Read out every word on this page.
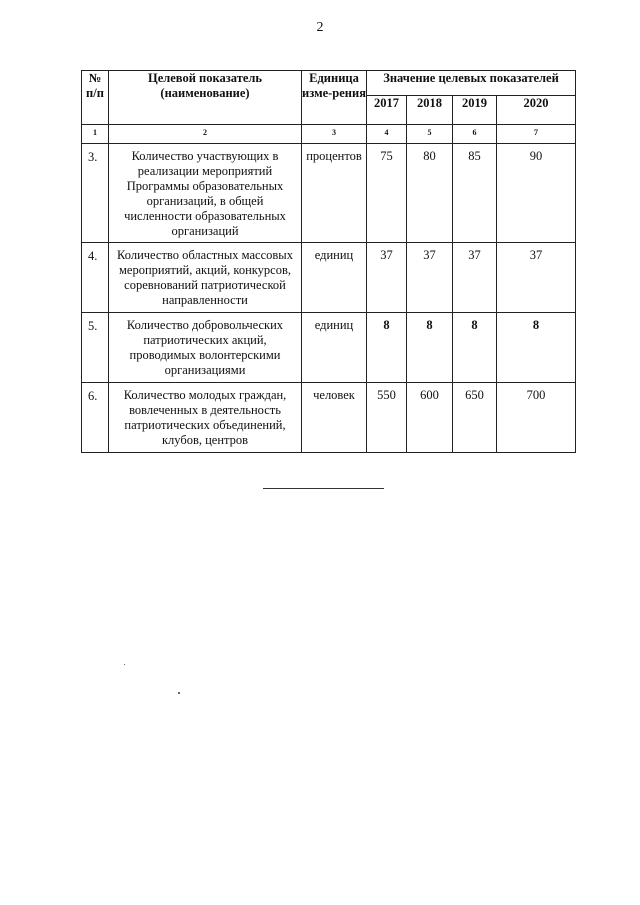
2
№ п/п	Целевой показатель (наименование)	Единица изме-рения	Значение целевых показателей			
			2017	2018	2019	2020
1	2	3	4	5	6	7
3.	Количество участвующих в реализации мероприятий Программы образовательных организаций, в общей численности образовательных организаций	процентов	75	80	85	90
4.	Количество областных массовых мероприятий, акций, конкурсов, соревнований патриотической направленности	единиц	37	37	37	37
5.	Количество добровольческих патриотических акций, проводимых волонтерскими организациями	единиц	8	8	8	8
6.	Количество молодых граждан, вовлеченных в деятельность патриотических объединений, клубов, центров	человек	550	600	650	700
